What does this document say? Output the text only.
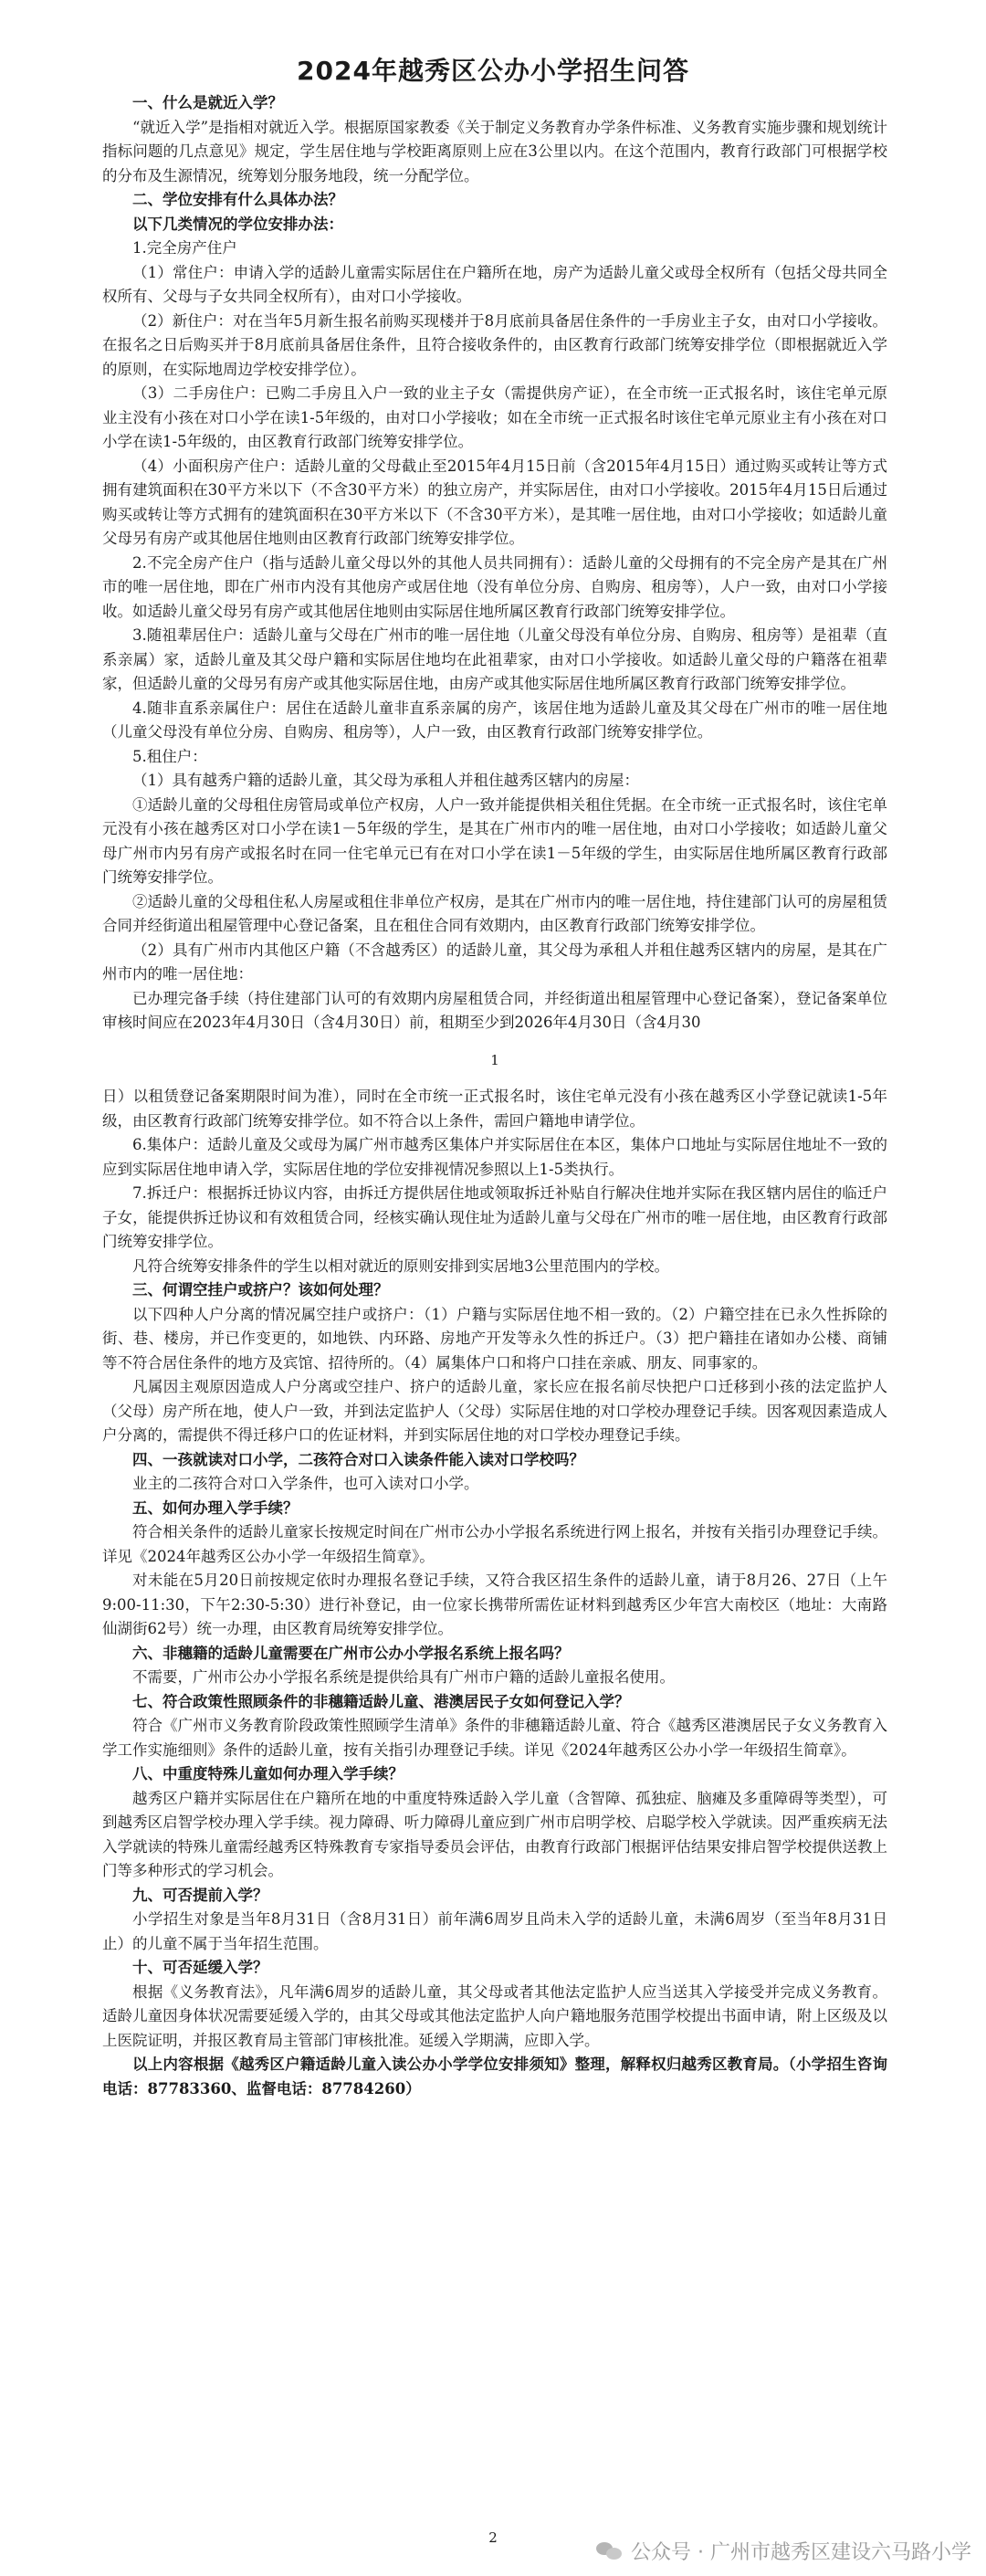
2024年越秀区公办小学招生问答

一、什么是就近入学？

“就近入学”是指相对就近入学。根据原国家教委《关于制定义务教育办学条件标准、义务教育实施步骤和规划统计指标问题的几点意见》规定，学生居住地与学校距离原则上应在3公里以内。在这个范围内，教育行政部门可根据学校的分布及生源情况，统筹划分服务地段，统一分配学位。

二、学位安排有什么具体办法？

以下几类情况的学位安排办法：

1.完全房产住户

（1）常住户：申请入学的适龄儿童需实际居住在户籍所在地，房产为适龄儿童父或母全权所有（包括父母共同全权所有、父母与子女共同全权所有），由对口小学接收。

（2）新住户：对在当年5月新生报名前购买现楼并于8月底前具备居住条件的一手房业主子女，由对口小学接收。在报名之日后购买并于8月底前具备居住条件，且符合接收条件的，由区教育行政部门统筹安排学位（即根据就近入学的原则，在实际地周边学校安排学位）。

（3）二手房住户：已购二手房且入户一致的业主子女（需提供房产证），在全市统一正式报名时，该住宅单元原业主没有小孩在对口小学在读1-5年级的，由对口小学接收；如在全市统一正式报名时该住宅单元原业主有小孩在对口小学在读1-5年级的，由区教育行政部门统筹安排学位。

（4）小面积房产住户：适龄儿童的父母截止至2015年4月15日前（含2015年4月15日）通过购买或转让等方式拥有建筑面积在30平方米以下（不含30平方米）的独立房产，并实际居住，由对口小学接收。2015年4月15日后通过购买或转让等方式拥有的建筑面积在30平方米以下（不含30平方米），是其唯一居住地，由对口小学接收；如适龄儿童父母另有房产或其他居住地则由区教育行政部门统筹安排学位。

2.不完全房产住户（指与适龄儿童父母以外的其他人员共同拥有）：适龄儿童的父母拥有的不完全房产是其在广州市的唯一居住地，即在广州市内没有其他房产或居住地（没有单位分房、自购房、租房等），人户一致，由对口小学接收。如适龄儿童父母另有房产或其他居住地则由实际居住地所属区教育行政部门统筹安排学位。

3.随祖辈居住户：适龄儿童与父母在广州市的唯一居住地（儿童父母没有单位分房、自购房、租房等）是祖辈（直系亲属）家，适龄儿童及其父母户籍和实际居住地均在此祖辈家，由对口小学接收。如适龄儿童父母的户籍落在祖辈家，但适龄儿童的父母另有房产或其他实际居住地，由房产或其他实际居住地所属区教育行政部门统筹安排学位。

4.随非直系亲属住户：居住在适龄儿童非直系亲属的房产，该居住地为适龄儿童及其父母在广州市的唯一居住地（儿童父母没有单位分房、自购房、租房等），人户一致，由区教育行政部门统筹安排学位。

5.租住户：

（1）具有越秀户籍的适龄儿童，其父母为承租人并租住越秀区辖内的房屋：

①适龄儿童的父母租住房管局或单位产权房，人户一致并能提供相关租住凭据。在全市统一正式报名时，该住宅单元没有小孩在越秀区对口小学在读1－5年级的学生，是其在广州市内的唯一居住地，由对口小学接收；如适龄儿童父母广州市内另有房产或报名时在同一住宅单元已有在对口小学在读1－5年级的学生，由实际居住地所属区教育行政部门统筹安排学位。

②适龄儿童的父母租住私人房屋或租住非单位产权房，是其在广州市内的唯一居住地，持住建部门认可的房屋租赁合同并经街道出租屋管理中心登记备案，且在租住合同有效期内，由区教育行政部门统筹安排学位。

（2）具有广州市内其他区户籍（不含越秀区）的适龄儿童，其父母为承租人并租住越秀区辖内的房屋，是其在广州市内的唯一居住地：

已办理完备手续（持住建部门认可的有效期内房屋租赁合同，并经街道出租屋管理中心登记备案），登记备案单位审核时间应在2023年4月30日（含4月30日）前，租期至少到2026年4月30日（含4月30

1

日）以租赁登记备案期限时间为准），同时在全市统一正式报名时，该住宅单元没有小孩在越秀区小学登记就读1-5年级，由区教育行政部门统筹安排学位。如不符合以上条件，需回户籍地申请学位。

6.集体户：适龄儿童及父或母为属广州市越秀区集体户并实际居住在本区，集体户口地址与实际居住地址不一致的应到实际居住地申请入学，实际居住地的学位安排视情况参照以上1-5类执行。

7.拆迁户：根据拆迁协议内容，由拆迁方提供居住地或领取拆迁补贴自行解决住地并实际在我区辖内居住的临迁户子女，能提供拆迁协议和有效租赁合同，经核实确认现住址为适龄儿童与父母在广州市的唯一居住地，由区教育行政部门统筹安排学位。

凡符合统筹安排条件的学生以相对就近的原则安排到实居地3公里范围内的学校。

三、何谓空挂户或挤户？该如何处理？

以下四种人户分离的情况属空挂户或挤户：（1）户籍与实际居住地不相一致的。（2）户籍空挂在已永久性拆除的街、巷、楼房，并已作变更的，如地铁、内环路、房地产开发等永久性的拆迁户。（3）把户籍挂在诸如办公楼、商铺等不符合居住条件的地方及宾馆、招待所的。（4）属集体户口和将户口挂在亲戚、朋友、同事家的。

凡属因主观原因造成人户分离或空挂户、挤户的适龄儿童，家长应在报名前尽快把户口迁移到小孩的法定监护人（父母）房产所在地，使人户一致，并到法定监护人（父母）实际居住地的对口学校办理登记手续。因客观因素造成人户分离的，需提供不得迁移户口的佐证材料，并到实际居住地的对口学校办理登记手续。

四、一孩就读对口小学，二孩符合对口入读条件能入读对口学校吗？

业主的二孩符合对口入学条件，也可入读对口小学。

五、如何办理入学手续？

符合相关条件的适龄儿童家长按规定时间在广州市公办小学报名系统进行网上报名，并按有关指引办理登记手续。详见《2024年越秀区公办小学一年级招生简章》。

对未能在5月20日前按规定依时办理报名登记手续，又符合我区招生条件的适龄儿童，请于8月26、27日（上午9:00-11:30，下午2:30-5:30）进行补登记，由一位家长携带所需佐证材料到越秀区少年宫大南校区（地址：大南路仙湖街62号）统一办理，由区教育局统筹安排学位。

六、非穗籍的适龄儿童需要在广州市公办小学报名系统上报名吗？

不需要，广州市公办小学报名系统是提供给具有广州市户籍的适龄儿童报名使用。

七、符合政策性照顾条件的非穗籍适龄儿童、港澳居民子女如何登记入学？

符合《广州市义务教育阶段政策性照顾学生清单》条件的非穗籍适龄儿童、符合《越秀区港澳居民子女义务教育入学工作实施细则》条件的适龄儿童，按有关指引办理登记手续。详见《2024年越秀区公办小学一年级招生简章》。

八、中重度特殊儿童如何办理入学手续？

越秀区户籍并实际居住在户籍所在地的中重度特殊适龄入学儿童（含智障、孤独症、脑瘫及多重障碍等类型），可到越秀区启智学校办理入学手续。视力障碍、听力障碍儿童应到广州市启明学校、启聪学校入学就读。因严重疾病无法入学就读的特殊儿童需经越秀区特殊教育专家指导委员会评估，由教育行政部门根据评估结果安排启智学校提供送教上门等多种形式的学习机会。

九、可否提前入学？

小学招生对象是当年8月31日（含8月31日）前年满6周岁且尚未入学的适龄儿童，未满6周岁（至当年8月31日止）的儿童不属于当年招生范围。

十、可否延缓入学？

根据《义务教育法》，凡年满6周岁的适龄儿童，其父母或者其他法定监护人应当送其入学接受并完成义务教育。适龄儿童因身体状况需要延缓入学的，由其父母或其他法定监护人向户籍地服务范围学校提出书面申请，附上区级及以上医院证明，并报区教育局主管部门审核批准。延缓入学期满，应即入学。

以上内容根据《越秀区户籍适龄儿童入读公办小学学位安排须知》整理，解释权归越秀区教育局。（小学招生咨询电话：87783360、监督电话：87784260）

2
公众号 · 广州市越秀区建设六马路小学
